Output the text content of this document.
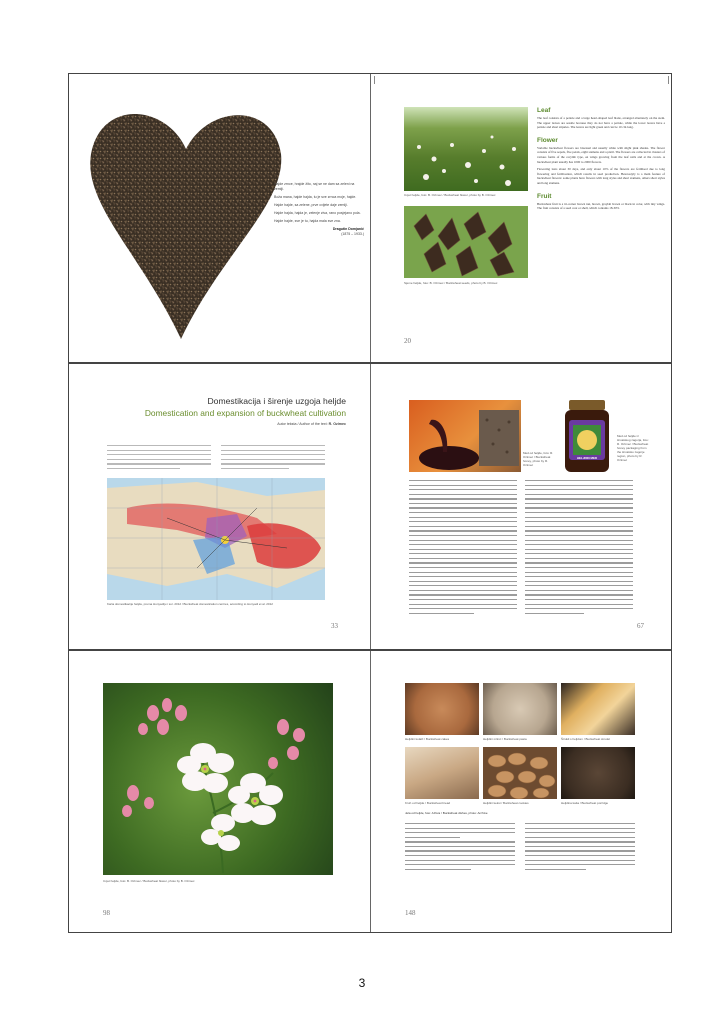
Hajde zrnce, hrajde žito, naj se ne dam sa zeleni na zemlji.

Boža mana, hajde hajda, tu je sve zrnca moje, hajde.

Hajde hajde, sa zelene, prve cvijete daje zemlji.

Hajde hajda, hajda je, zelenje ziva, rano posjejano pola.

Hajde hajde, sve je tu, hajda mala sve zna.

Dragutin Domjanić
(1875 – 1933.)
Cvjet heljde, foto: B. Ozimec / Buckwheat flower, photo by B. Ozimec
Sjeme heljde, foto: B. Ozimec / Buckwheat seeds, photo by B. Ozimec
Leaf
The leaf consists of a petiole and a large heart-shaped leaf blade, arranged alternately on the stem. The upper leaves are sessile because they do not have a petiole, while the lower leaves have a petiole and short stipules. The leaves are light green and can be 10 cm long.
Flower
Variable buckwheat flowers are bisexual and usually white with slight pink shades. The flower consists of five sepals, five petals, eight stamens and a pistil. The flowers are collected in clusters of various forms of the corymb type, on wings growing from the leaf axils and at the crown. A buckwheat plant usually has 1000 to 2000 flowers.
Flowering lasts about 30 days, and only about 10% of the flowers are fertilised due to long flowering and fertilisation, which results in seed production. Heterostyly is a main feature of buckwheat flowers: some plants have flowers with long styles and short stamens, others short styles and long stamens.
Fruit
Buckwheat fruit is a tri-corner brown nut, brown, grayish brown or black in color, with tiny wings. The fruit consists of a seed coat or shell, which contains 18-30%
20
Domestikacija i širenje uzgoja heljde
Domestication and expansion of buckwheat cultivation
Autor teksta / Author of the text: R. Ozimec
Karta domestikacije heljde, prema Hunyadiju i sur. 2012 / Buckwheat domestication centres, according to Hunyadi et al. 2012
33
Med od heljde, foto: R. Ozimec / Buckwheat honey, photo by R. Ozimec
HELJDIN MED
Med od heljde iz Hrvatskog zagorja, foto: R. Ozimec / Buckwheat honey packaging from the Hrvatsko zagorje region, photo by R. Ozimec
67
Cvjet heljde, foto: B. Ozimec / Buckwheat flower, photo by B. Ozimec
98
Heljdini kolači / Buckwheat cakes	Heljdini mlinci / Buckwheat pasta	Štrukli s heljdom / Buckwheat strudel
Kruh od heljde / Buckwheat bread	Heljdini keksi / Buckwheat cookies	Heljdina kaša / Buckwheat porridge
Jela od heljde, foto: Arhiva / Buckwheat dishes, photo: Archive
148
3
